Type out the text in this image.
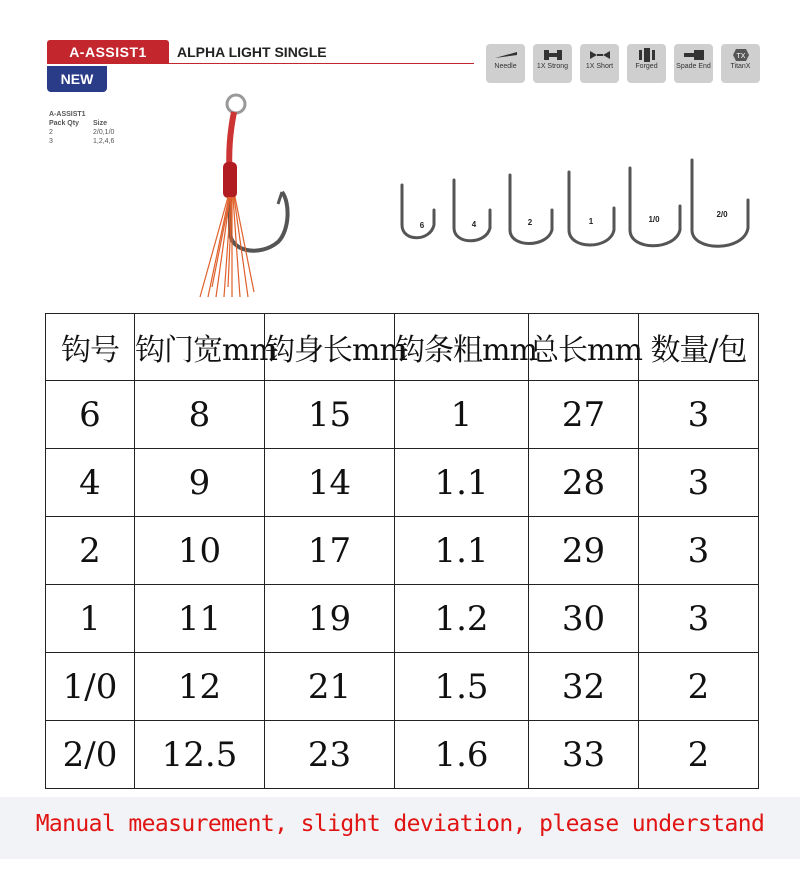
A-ASSIST1
NEW
ALPHA LIGHT SINGLE
Needle	1X Strong	1X Short	Forged	Spade End
TX
TitanX
A-ASSIST1
Pack Qty	Size
2	2/0,1/0
3	1,2,4,6
6	4	2	1	1/0
2/0
钩号	钩门宽mm	钩身长mm	钩条粗mm	总长mm	数量/包
6	8	15	1	27	3
4	9	14	1.1	28	3
2	10	17	1.1	29	3
1	11	19	1.2	30	3
1/0	12	21	1.5	32	2
2/0	12.5	23	1.6	33	2
Manual measurement, slight deviation, please understand
